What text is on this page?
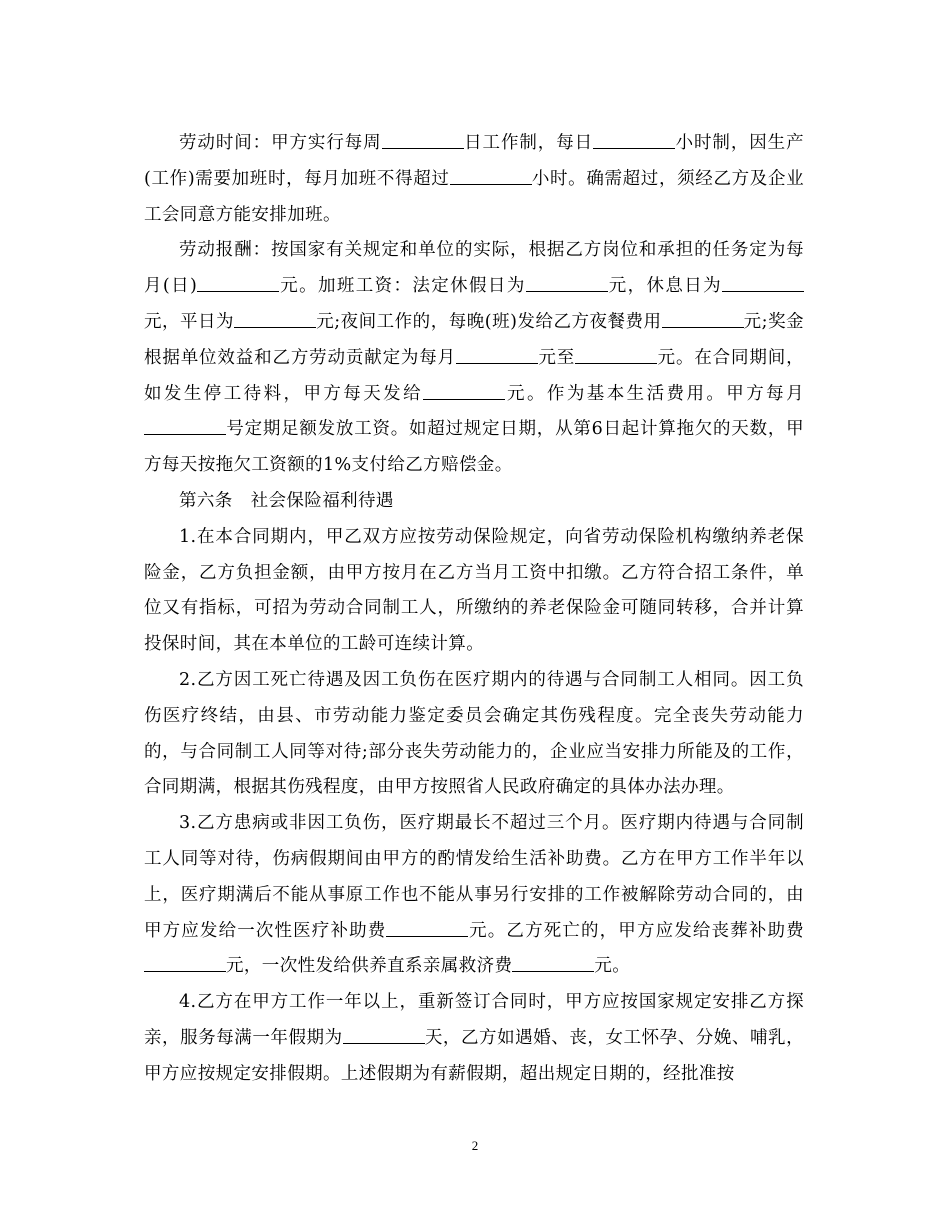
劳动时间：甲方实行每周	日工作制，每日	小时制，因生产(工作)需要加班时，每月加班不得超过	小时。确需超过，须经乙方及企业工会同意方能安排加班。

劳动报酬：按国家有关规定和单位的实际，根据乙方岗位和承担的任务定为每月(日)	元。加班工资：法定休假日为	元，休息日为元，平日为	元;夜间工作的，每晚(班)发给乙方夜餐费用	元;奖金根据单位效益和乙方劳动贡献定为每月	元至	元。在合同期间，如发生停工待料，甲方每天发给	元。作为基本生活费用。甲方每月号定期足额发放工资。如超过规定日期，从第6日起计算拖欠的天数，甲方每天按拖欠工资额的1%支付给乙方赔偿金。

第六条　社会保险福利待遇

1.在本合同期内，甲乙双方应按劳动保险规定，向省劳动保险机构缴纳养老保险金，乙方负担金额，由甲方按月在乙方当月工资中扣缴。乙方符合招工条件，单位又有指标，可招为劳动合同制工人，所缴纳的养老保险金可随同转移，合并计算投保时间，其在本单位的工龄可连续计算。

2.乙方因工死亡待遇及因工负伤在医疗期内的待遇与合同制工人相同。因工负伤医疗终结，由县、市劳动能力鉴定委员会确定其伤残程度。完全丧失劳动能力的，与合同制工人同等对待;部分丧失劳动能力的，企业应当安排力所能及的工作，合同期满，根据其伤残程度，由甲方按照省人民政府确定的具体办法办理。

3.乙方患病或非因工负伤，医疗期最长不超过三个月。医疗期内待遇与合同制工人同等对待，伤病假期间由甲方的酌情发给生活补助费。乙方在甲方工作半年以上，医疗期满后不能从事原工作也不能从事另行安排的工作被解除劳动合同的，由甲方应发给一次性医疗补助费	元。乙方死亡的，甲方应发给丧葬补助费元，一次性发给供养直系亲属救济费	元。

4.乙方在甲方工作一年以上，重新签订合同时，甲方应按国家规定安排乙方探亲，服务每满一年假期为	天，乙方如遇婚、丧，女工怀孕、分娩、哺乳，甲方应按规定安排假期。上述假期为有薪假期，超出规定日期的，经批准按

2
